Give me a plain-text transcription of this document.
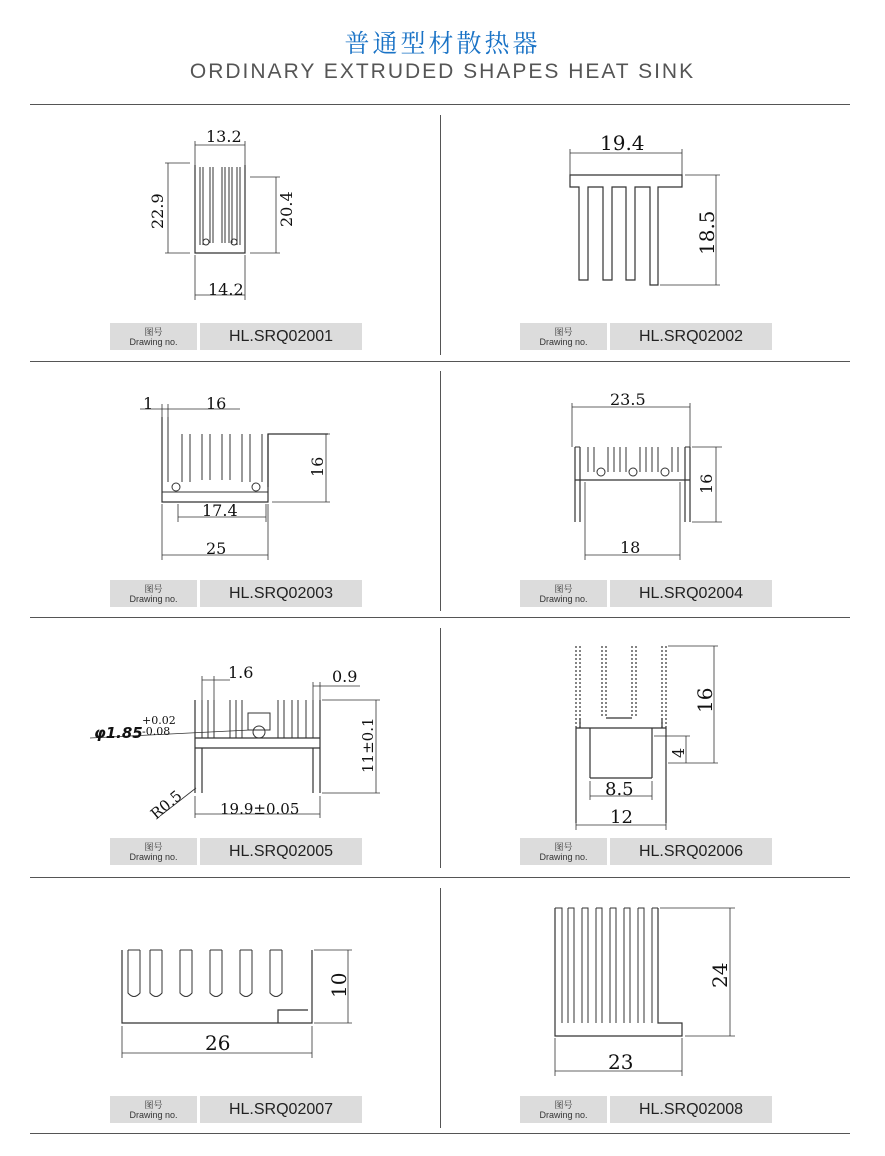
普通型材散热器
ORDINARY EXTRUDED SHAPES HEAT SINK
13.2
22.9	20.4
14.2
图号
Drawing no.	HL.SRQ02001
19.4
18.5
图号
Drawing no.	HL.SRQ02002
1	16
16
17.4
25
图号
Drawing no.	HL.SRQ02003
23.5
16
18
图号
Drawing no.	HL.SRQ02004
1.6	0.9
φ1.85
+0.02
-0.08	11±0.1
R0.5 19.9±0.05
图号
Drawing no.	HL.SRQ02005
16
4
8.5
12
图号
Drawing no.	HL.SRQ02006
10
26
图号
Drawing no.	HL.SRQ02007
24
23
图号
Drawing no.	HL.SRQ02008
